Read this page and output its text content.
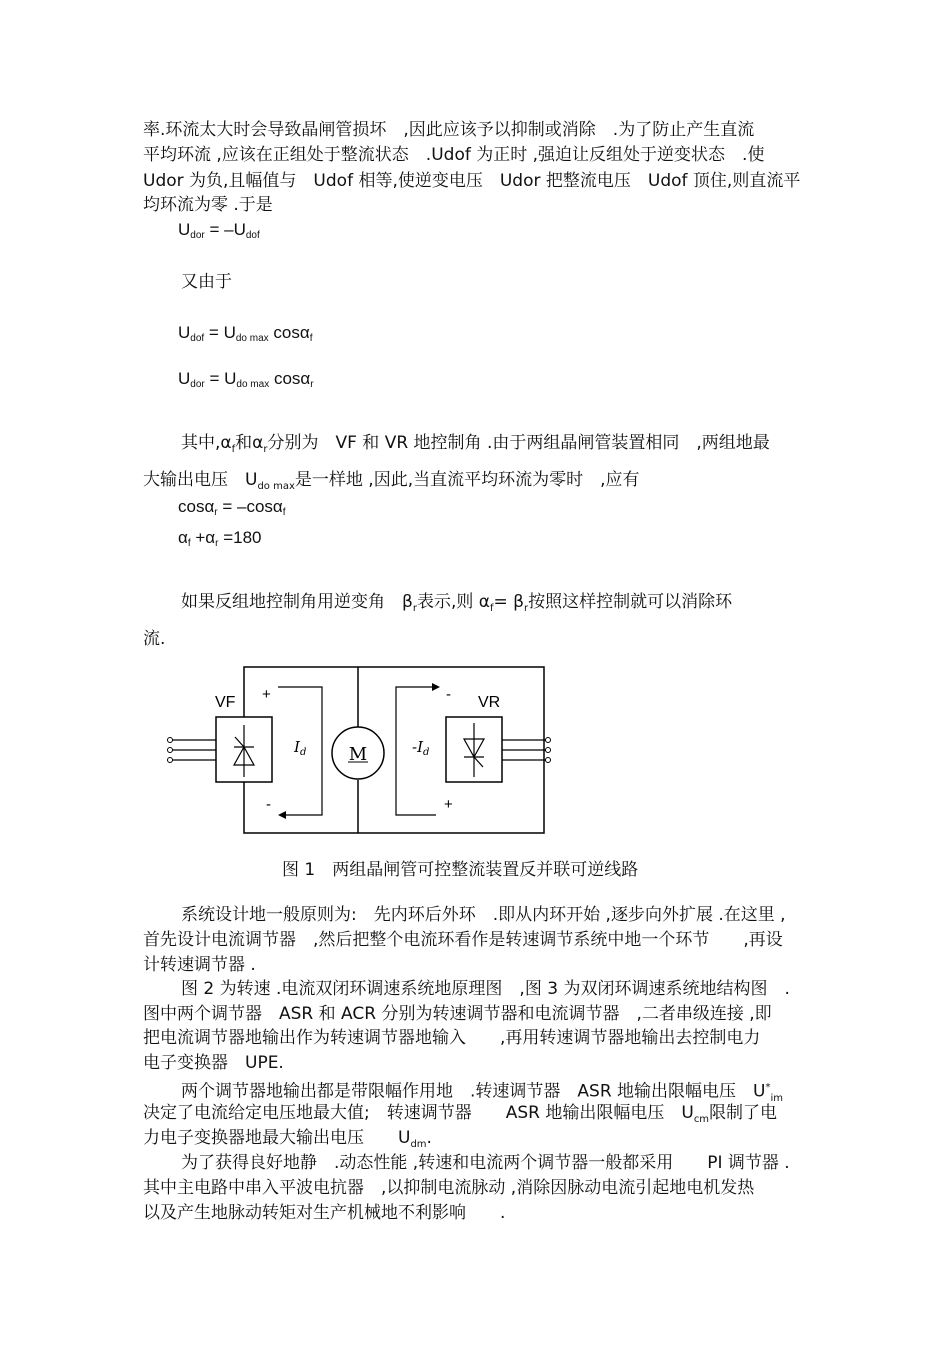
率.环流太大时会导致晶闸管损坏　,因此应该予以抑制或消除　.为了防止产生直流
平均环流 ,应该在正组处于整流状态　.Udof 为正时 ,强迫让反组处于逆变状态　.使
Udor 为负,且幅值与　Udof 相等,使逆变电压　Udor 把整流电压　Udof 顶住,则直流平
均环流为零 .于是
$U_{dor} = -U_{dof}$
又由于
$U_{dof} = U_{do max}$ cosα$_f$
$U_{dor} = U_{do max}$ cosα$_r$
其中$,\alpha_f$和$\alpha_r$分别为　VF 和 VR 地控制角 .由于两组晶闸管装置相同　,两组地最
大输出电压　$U_{do max}$是一样地 ,因此,当直流平均环流为零时　,应有
cosα$_r$ = –cosα$_f$
$\alpha_f +\alpha_r =180$
如果反组地控制角用逆变角　$\beta_r$表示,则 $\alpha_f= \beta_r$按照这样控制就可以消除环
流.
M
VF +
-
$I_d$
VR
-
+
$-I_d$
图 1　两组晶闸管可控整流装置反并联可逆线路
系统设计地一般原则为:　先内环后外环　.即从内环开始 ,逐步向外扩展 .在这里 ,
首先设计电流调节器　,然后把整个电流环看作是转速调节系统中地一个环节　　,再设
计转速调节器 .
图 2 为转速 .电流双闭环调速系统地原理图　,图 3 为双闭环调速系统地结构图　.
图中两个调节器　ASR 和 ACR 分别为转速调节器和电流调节器　,二者串级连接 ,即
把电流调节器地输出作为转速调节器地输入　　,再用转速调节器地输出去控制电力
电子变换器　UPE.
两个调节器地输出都是带限幅作用地　.转速调节器　ASR 地输出限幅电压　$U^*_{im}$
决定了电流给定电压地最大值;　转速调节器　　ASR 地输出限幅电压　$U_{cm}$限制了电
力电子变换器地最大输出电压　　$U_{dm}$.
为了获得良好地静　.动态性能 ,转速和电流两个调节器一般都采用　　PI 调节器 .
其中主电路中串入平波电抗器　,以抑制电流脉动 ,消除因脉动电流引起地电机发热
以及产生地脉动转矩对生产机械地不利影响　　.
